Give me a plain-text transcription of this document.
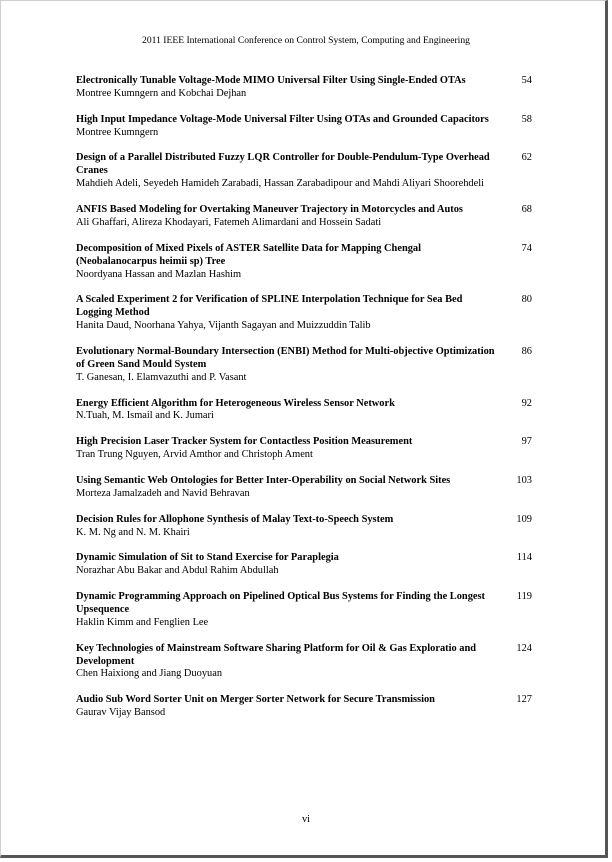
2011 IEEE International Conference on Control System, Computing and Engineering
Electronically Tunable Voltage-Mode MIMO Universal Filter Using Single-Ended OTAs
Montree Kumngern and Kobchai Dejhan
54
High Input Impedance Voltage-Mode Universal Filter Using OTAs and Grounded Capacitors
Montree Kumngern
58
Design of a Parallel Distributed Fuzzy LQR Controller for Double-Pendulum-Type Overhead Cranes
Mahdieh Adeli, Seyedeh Hamideh Zarabadi, Hassan Zarabadipour and Mahdi Aliyari Shoorehdeli
62
ANFIS Based Modeling for Overtaking Maneuver Trajectory in Motorcycles and Autos
Ali Ghaffari, Alireza Khodayari, Fatemeh Alimardani and Hossein Sadati
68
Decomposition of Mixed Pixels of ASTER Satellite Data for Mapping Chengal (Neobalanocarpus heimii sp) Tree
Noordyana Hassan and Mazlan Hashim
74
A Scaled Experiment 2 for Verification of SPLINE Interpolation Technique for Sea Bed Logging Method
Hanita Daud, Noorhana Yahya, Vijanth Sagayan and Muizzuddin Talib
80
Evolutionary Normal-Boundary Intersection (ENBI) Method for Multi-objective Optimization of Green Sand Mould System
T. Ganesan, I. Elamvazuthi and P. Vasant
86
Energy Efficient Algorithm for Heterogeneous Wireless Sensor Network
N.Tuah, M. Ismail and K. Jumari
92
High Precision Laser Tracker System for Contactless Position Measurement
Tran Trung Nguyen, Arvid Amthor and Christoph Ament
97
Using Semantic Web Ontologies for Better Inter-Operability on Social Network Sites
Morteza Jamalzadeh and Navid Behravan
103
Decision Rules for Allophone Synthesis of Malay Text-to-Speech System
K. M. Ng and N. M. Khairi
109
Dynamic Simulation of Sit to Stand Exercise for Paraplegia
Norazhar Abu Bakar and Abdul Rahim Abdullah
114
Dynamic Programming Approach on Pipelined Optical Bus Systems for Finding the Longest Upsequence
Haklin Kimm and Fenglien Lee
119
Key Technologies of Mainstream Software Sharing Platform for Oil & Gas Exploratio and Development
Chen Haixiong and Jiang Duoyuan
124
Audio Sub Word Sorter Unit on Merger Sorter Network for Secure Transmission
Gaurav Vijay Bansod
127
vi
